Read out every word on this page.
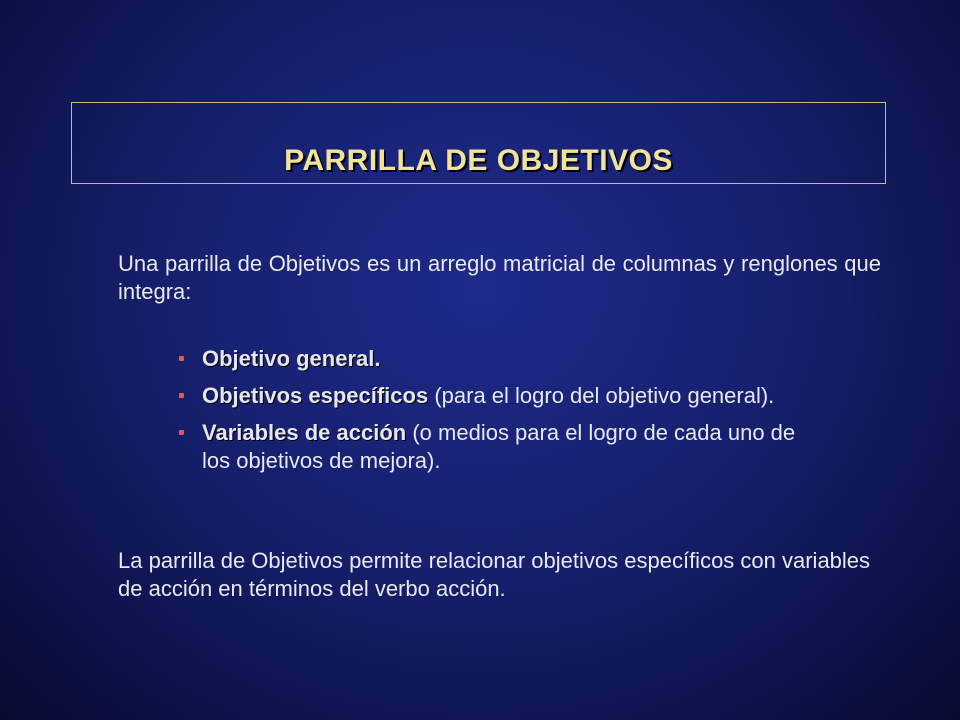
PARRILLA DE OBJETIVOS
Una parrilla de Objetivos es un arreglo matricial de columnas y renglones que integra:
Objetivo general.
Objetivos específicos (para el logro del objetivo general).
Variables de acción (o medios para el logro de cada uno de los objetivos de mejora).
La parrilla de Objetivos permite relacionar objetivos específicos con variables de acción en términos del verbo acción.
